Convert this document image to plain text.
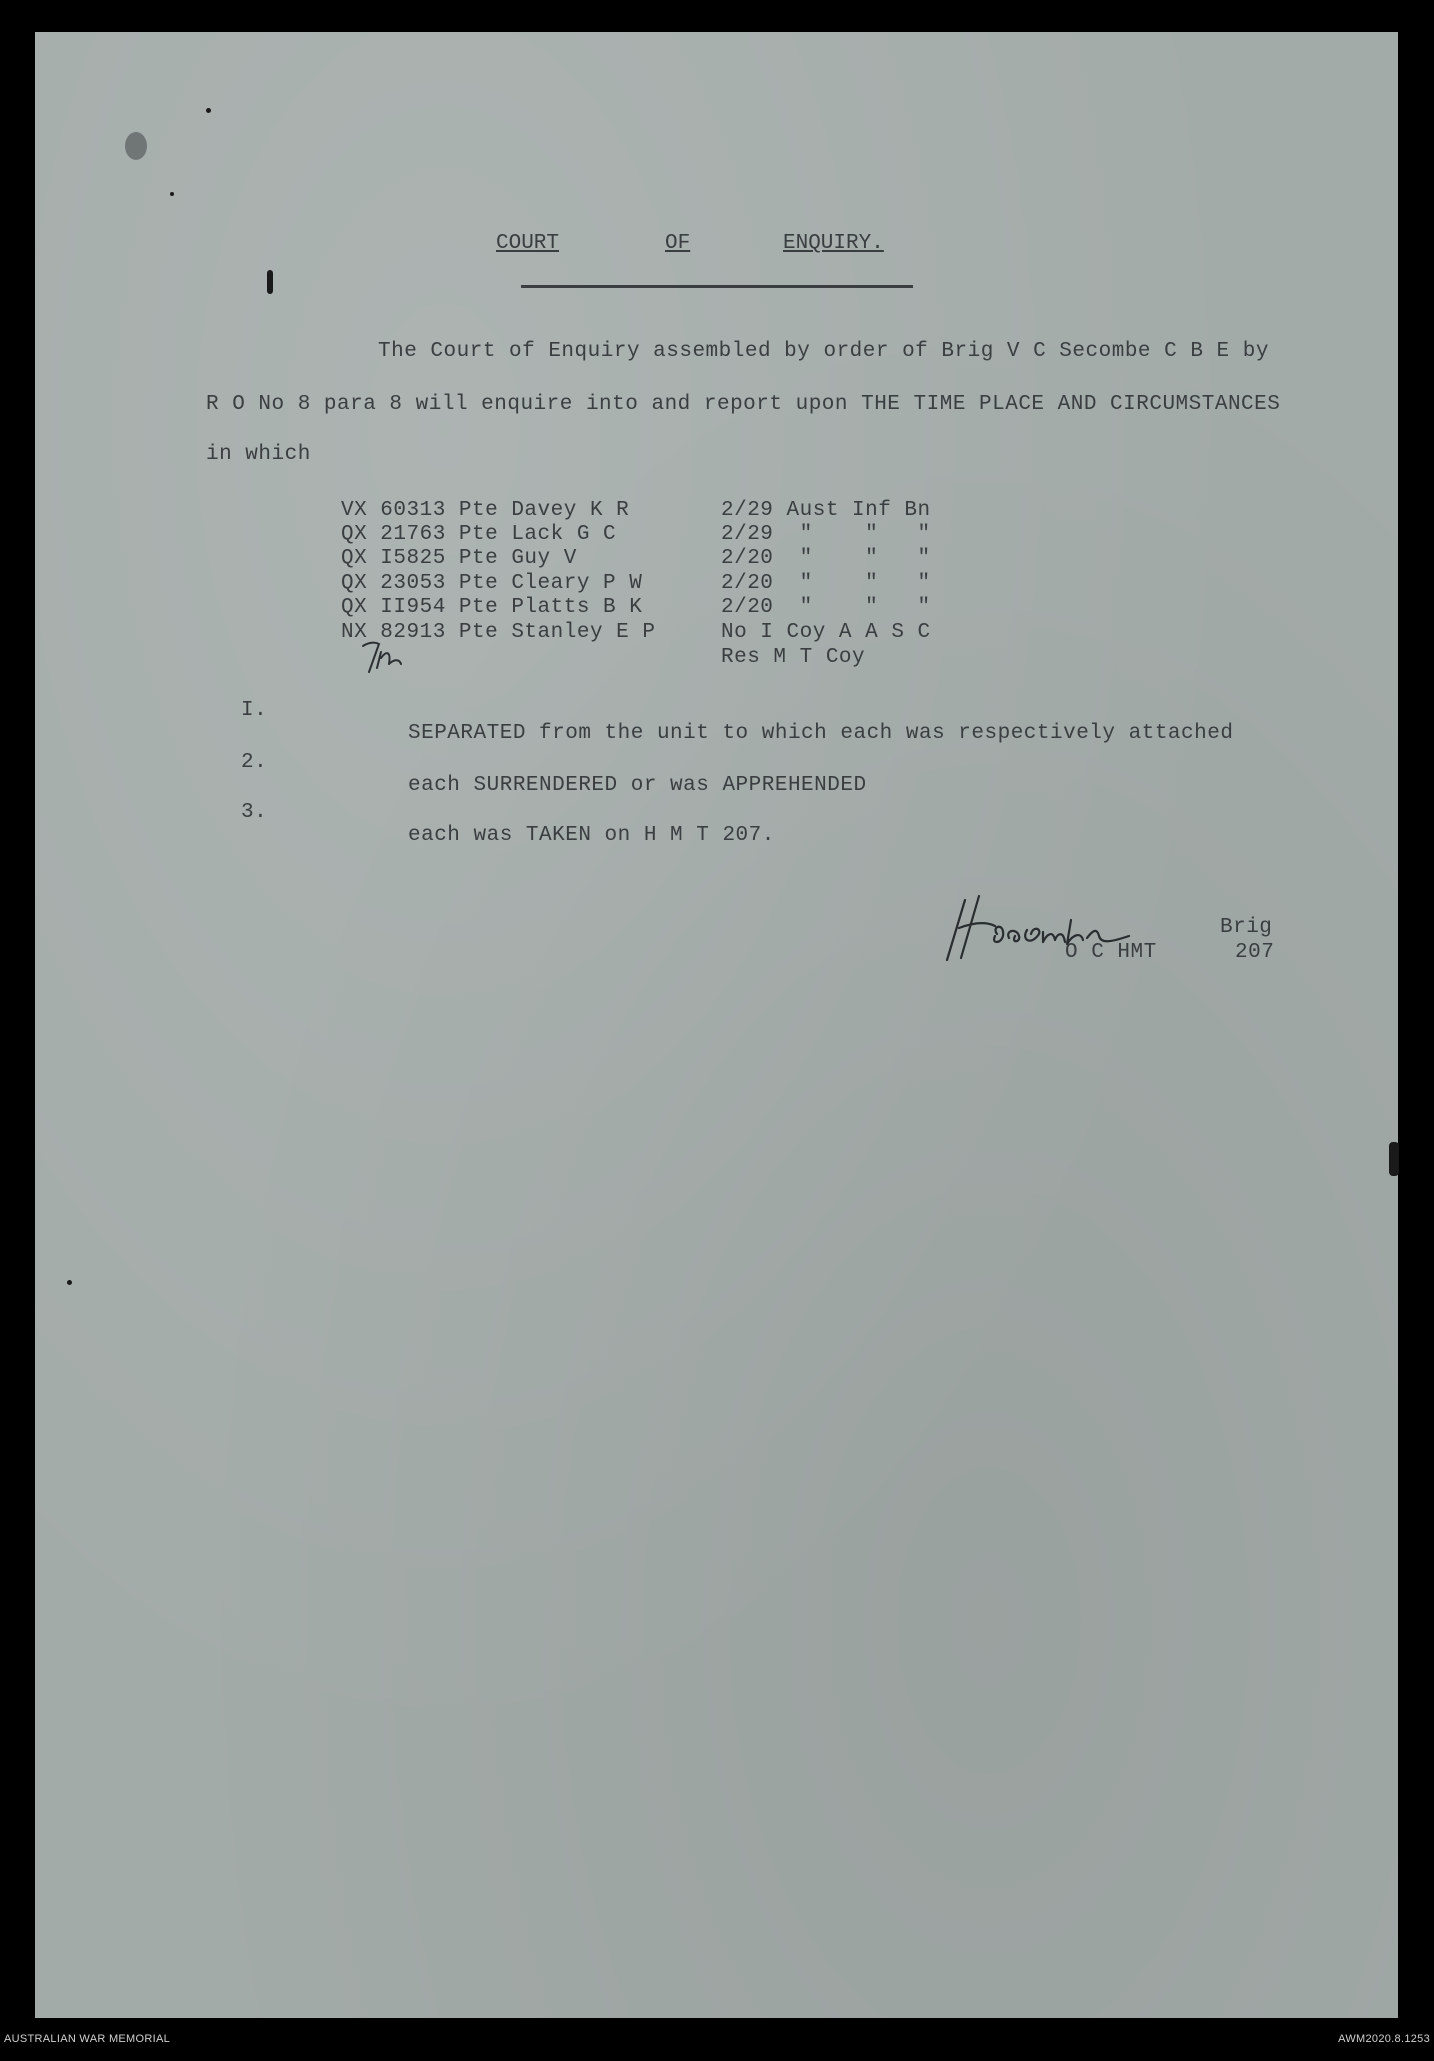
COURT	OF	ENQUIRY.
The Court of Enquiry assembled by order of Brig V C Secombe C B E by
R O No 8 para 8 will enquire into and report upon THE TIME PLACE AND CIRCUMSTANCES
in which
VX 60313 Pte Davey K R	2/29 Aust Inf Bn
QX 21763 Pte Lack G C	2/29  "    "   "
QX I5825 Pte Guy V	2/20  "    "   "
QX 23053 Pte Cleary P W	2/20  "    "   "
QX II954 Pte Platts B K	2/20  "    "   "
NX 82913 Pte Stanley E P	No I Coy A A S C
Res M T Coy

I.

SEPARATED from the unit to which each was respectively attached

2.

each SURRENDERED or was APPREHENDED

3.

each was TAKEN on H M T 207.

Brig
O C HMT	207
AUSTRALIAN WAR MEMORIAL	AWM2020.8.1253
